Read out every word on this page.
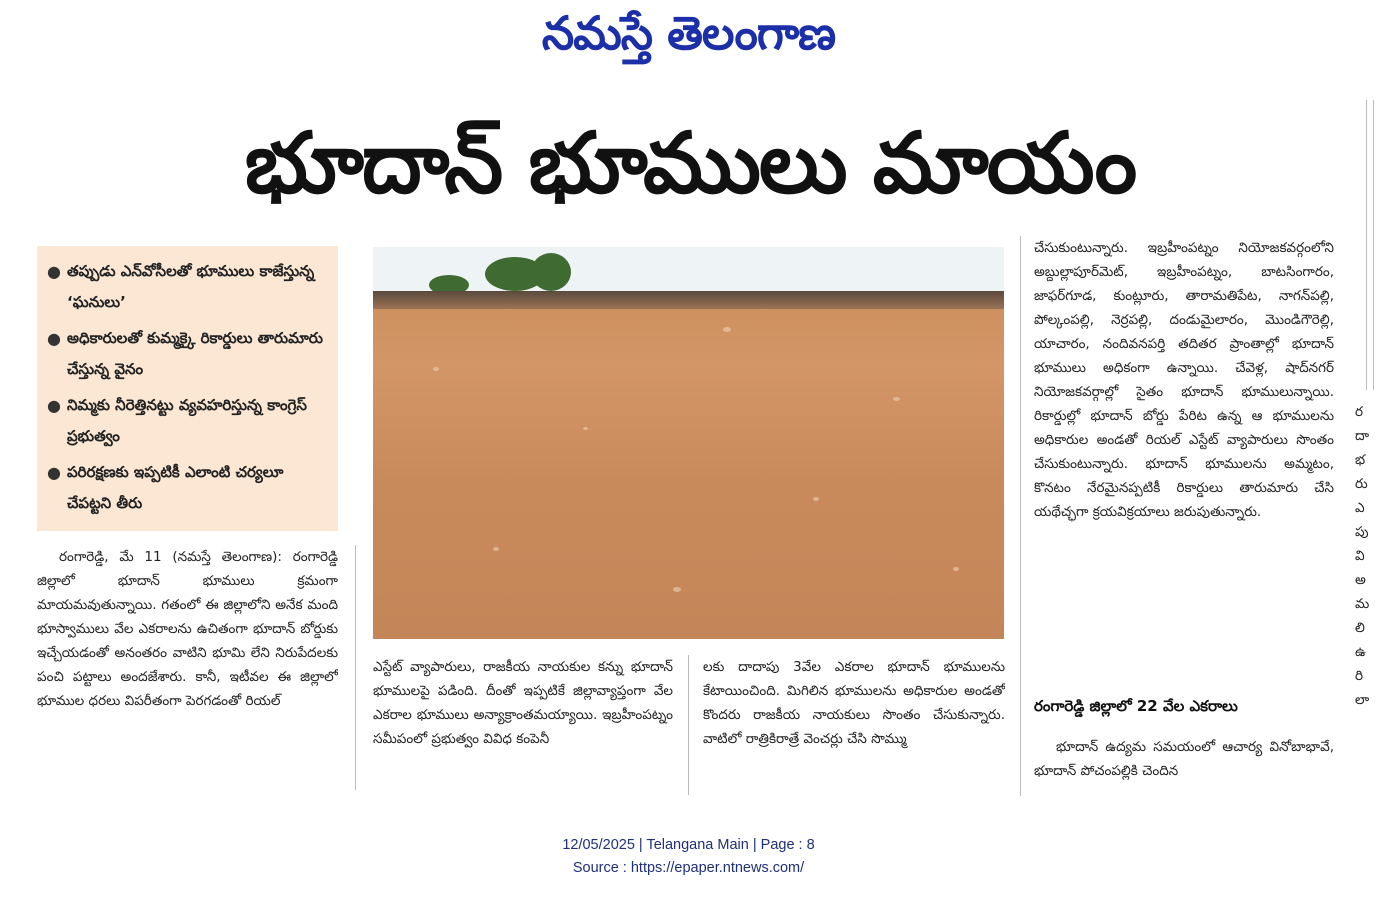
నమస్తే తెలంగాణ
భూదాన్ భూములు మాయం
● తప్పుడు ఎన్‌వోసీలతో భూములు కాజేస్తున్న ‘ఘనులు’
● అధికారులతో కుమ్మక్కై రికార్డులు తారుమారు చేస్తున్న వైనం
● నిమ్మకు నీరెత్తినట్టు వ్యవహరిస్తున్న కాంగ్రెస్ ప్రభుత్వం
● పరిరక్షణకు ఇప్పటికీ ఎలాంటి చర్యలూ చేపట్టని తీరు

రంగారెడ్డి, మే 11 (నమస్తే తెలంగాణ): రంగారెడ్డి జిల్లాలో భూదాన్ భూములు క్రమంగా మాయమవుతున్నాయి. గతంలో ఈ జిల్లాలోని అనేక మంది భూస్వాములు వేల ఎకరాలను ఉచితంగా భూదాన్ బోర్డుకు ఇచ్చేయడంతో అనంతరం వాటిని భూమి లేని నిరుపేదలకు పంచి పట్టాలు అందజేశారు. కానీ, ఇటీవల ఈ జిల్లాలో భూముల ధరలు విపరీతంగా పెరగడంతో రియల్

ఎస్టేట్ వ్యాపారులు, రాజకీయ నాయకుల కన్ను భూదాన్ భూములపై పడింది. దీంతో ఇప్పటికే జిల్లావ్యాప్తంగా వేల ఎకరాల భూములు అన్యాక్రాంతమయ్యాయి. ఇబ్రహీంపట్నం సమీపంలో ప్రభుత్వం వివిధ కంపెనీ

లకు దాదాపు 3వేల ఎకరాల భూదాన్ భూములను కేటాయించింది. మిగిలిన భూములను అధికారుల అండతో కొందరు రాజకీయ నాయకులు సొంతం చేసుకున్నారు. వాటిలో రాత్రికిరాత్రే వెంచర్లు చేసి సొమ్ము

చేసుకుంటున్నారు. ఇబ్రహీంపట్నం నియోజకవర్గంలోని అబ్దుల్లాపూర్‌మెట్, ఇబ్రహీంపట్నం, బాటసింగారం, జాఫర్‌గూడ, కుంట్లూరు, తారామతిపేట, నాగన్‌పల్లి, పోల్కంపల్లి, నెర్రపల్లి, దండుమైలారం, మొండిగౌరెల్లి, యాచారం, నందివనపర్తి తదితర ప్రాంతాల్లో భూదాన్ భూములు అధికంగా ఉన్నాయి. చేవెళ్ల, షాద్‌నగర్ నియోజకవర్గాల్లో సైతం భూదాన్ భూములున్నాయి. రికార్డుల్లో భూదాన్ బోర్డు పేరిట ఉన్న ఆ భూములను అధికారుల అండతో రియల్ ఎస్టేట్ వ్యాపారులు సొంతం చేసుకుంటున్నారు. భూదాన్ భూములను అమ్మటం, కొనటం నేరమైనప్పటికీ రికార్డులు తారుమారు చేసి యథేచ్ఛగా క్రయవిక్రయాలు జరుపుతున్నారు.

రంగారెడ్డి జిల్లాలో 22 వేల ఎకరాలు

భూదాన్ ఉద్యమ సమయంలో ఆచార్య వినోబాభావే, భూదాన్ పోచంపల్లికి చెందిన

ర
దా
భ
రు
ఎ
పు
వి
అ
మ
లి
ఉ
రి
లా
12/05/2025 | Telangana Main | Page : 8
Source : https://epaper.ntnews.com/
